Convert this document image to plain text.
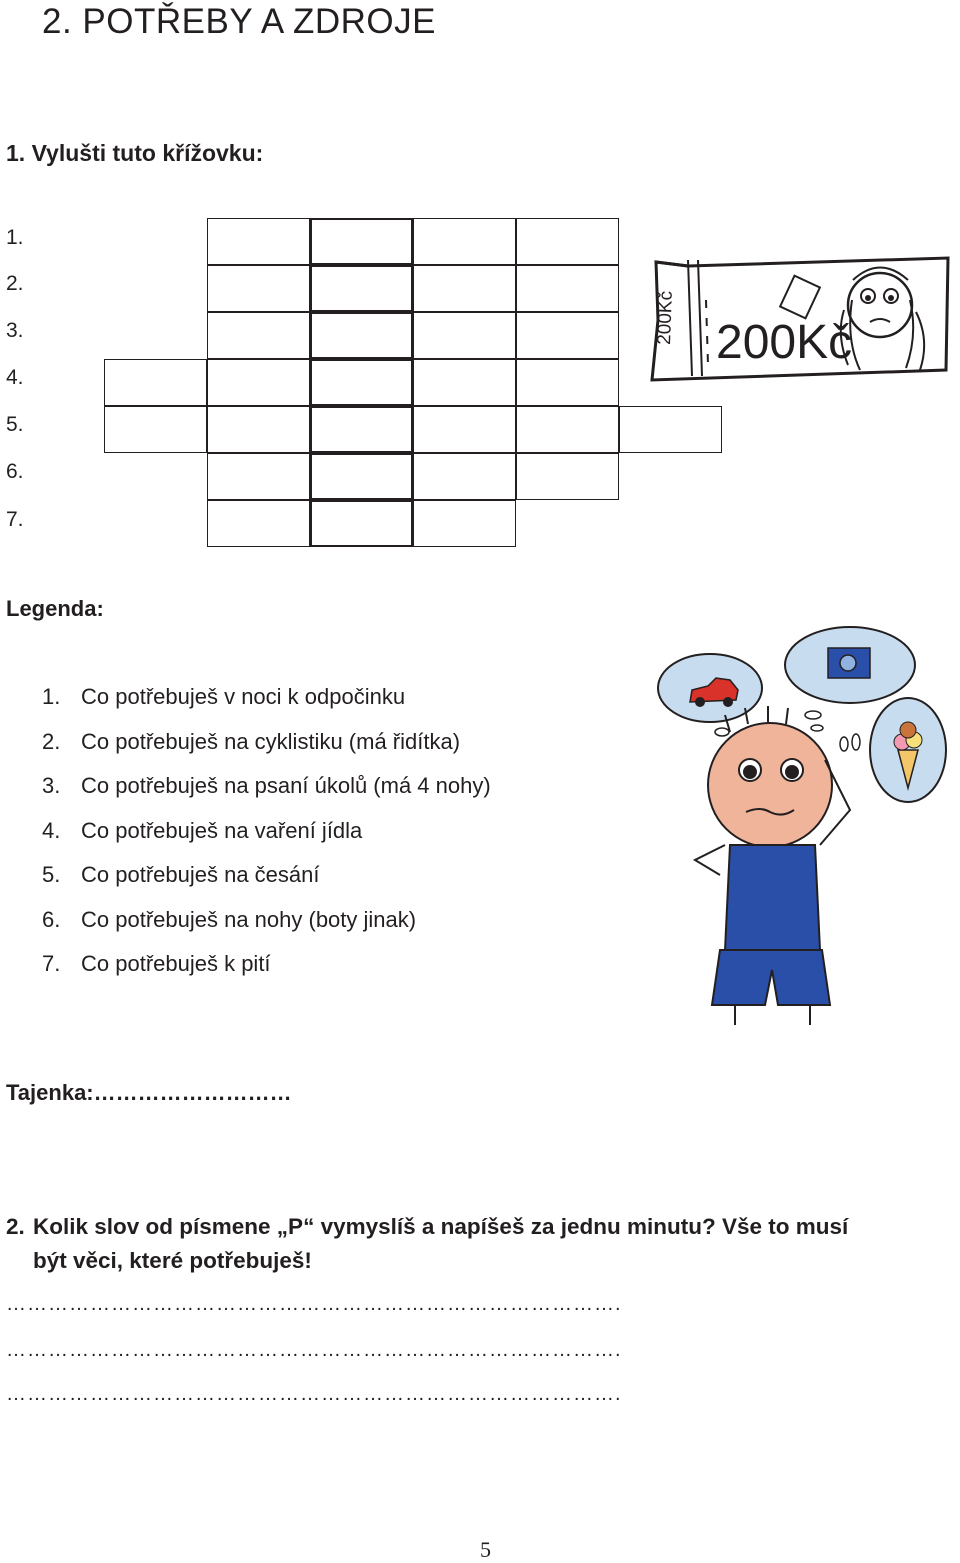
2. POTŘEBY A ZDROJE
1. Vylušti tuto křížovku:
1.
2.
3.
4.
5.
6.
7.
200Kč 200Kč
Legenda:
1. Co potřebuješ v noci k odpočinku
2. Co potřebuješ na cyklistiku (má řidítka)
3. Co potřebuješ na psaní úkolů (má 4 nohy)
4. Co potřebuješ na vaření jídla
5. Co potřebuješ na česání
6. Co potřebuješ na nohy (boty jinak)
7. Co potřebuješ k pití
Tajenka:………………………
2. Kolik slov od písmene „P“ vymyslíš a napíšeš za jednu minutu? Vše to musí
být věci, které potřebuješ!
5
…………………………………………………………………………….
…………………………………………………………………………….
…………………………………………………………………………….
